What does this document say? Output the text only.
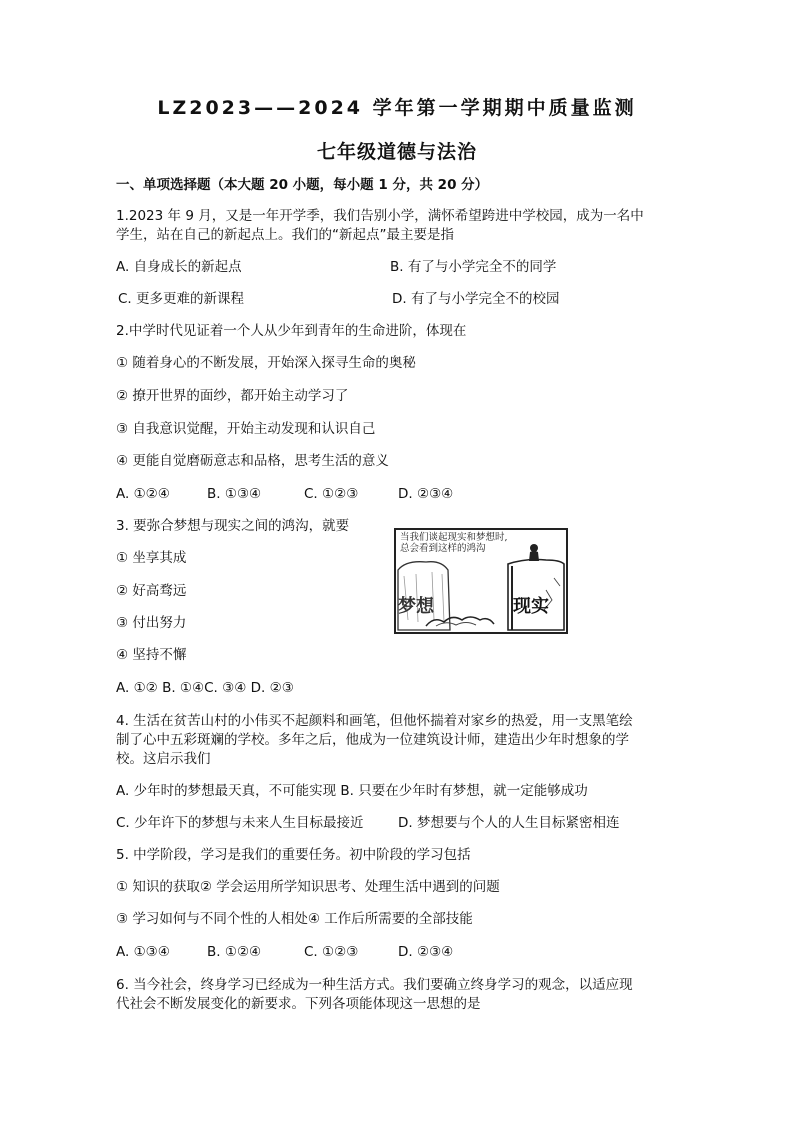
LZ2023——2024 学年第一学期期中质量监测
七年级道德与法治
一、单项选择题（本大题 20 小题，每小题 1 分，共 20 分）
1.2023 年 9 月，又是一年开学季，我们告别小学，满怀希望跨进中学校园，成为一名中
学生，站在自己的新起点上。我们的“新起点”最主要是指
A. 自身成长的新起点	B. 有了与小学完全不的同学
C. 更多更难的新课程	D. 有了与小学完全不的校园
2.中学时代见证着一个人从少年到青年的生命进阶，体现在
① 随着身心的不断发展，开始深入探寻生命的奥秘
② 撩开世界的面纱，都开始主动学习了
③ 自我意识觉醒，开始主动发现和认识自己
④ 更能自觉磨砺意志和品格，思考生活的意义
A. ①②④	B. ①③④	C. ①②③	D. ②③④
3. 要弥合梦想与现实之间的鸿沟，就要
① 坐享其成
② 好高骛远
③ 付出努力
④ 坚持不懈
A. ①② B. ①④C. ③④ D. ②③
当我们谈起现实和梦想时,
总会看到这样的鸿沟
梦想	现实
4. 生活在贫苦山村的小伟买不起颜料和画笔，但他怀揣着对家乡的热爱，用一支黑笔绘
制了心中五彩斑斓的学校。多年之后，他成为一位建筑设计师，建造出少年时想象的学
校。这启示我们
A. 少年时的梦想最天真，不可能实现 B. 只要在少年时有梦想，就一定能够成功
C. 少年许下的梦想与未来人生目标最接近	D. 梦想要与个人的人生目标紧密相连
5. 中学阶段，学习是我们的重要任务。初中阶段的学习包括
① 知识的获取② 学会运用所学知识思考、处理生活中遇到的问题
③ 学习如何与不同个性的人相处④ 工作后所需要的全部技能
A. ①③④	B. ①②④	C. ①②③	D. ②③④
6. 当今社会，终身学习已经成为一种生活方式。我们要确立终身学习的观念，以适应现
代社会不断发展变化的新要求。下列各项能体现这一思想的是
